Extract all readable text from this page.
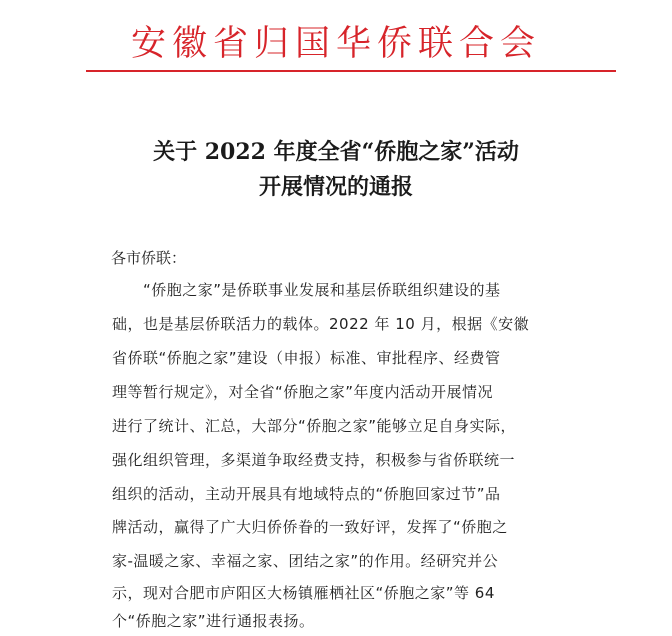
安徽省归国华侨联合会
关于 2022 年度全省“侨胞之家”活动
开展情况的通报
各市侨联：
　　“侨胞之家”是侨联事业发展和基层侨联组织建设的基
础，也是基层侨联活力的载体。2022 年 10 月，根据《安徽
省侨联“侨胞之家”建设（申报）标准、审批程序、经费管
理等暂行规定》，对全省“侨胞之家”年度内活动开展情况
进行了统计、汇总，大部分“侨胞之家”能够立足自身实际，
强化组织管理，多渠道争取经费支持，积极参与省侨联统一
组织的活动，主动开展具有地域特点的“侨胞回家过节”品
牌活动，赢得了广大归侨侨眷的一致好评，发挥了“侨胞之
家-温暖之家、幸福之家、团结之家”的作用。经研究并公
示，现对合肥市庐阳区大杨镇雁栖社区“侨胞之家”等 64
个“侨胞之家”进行通报表扬。
